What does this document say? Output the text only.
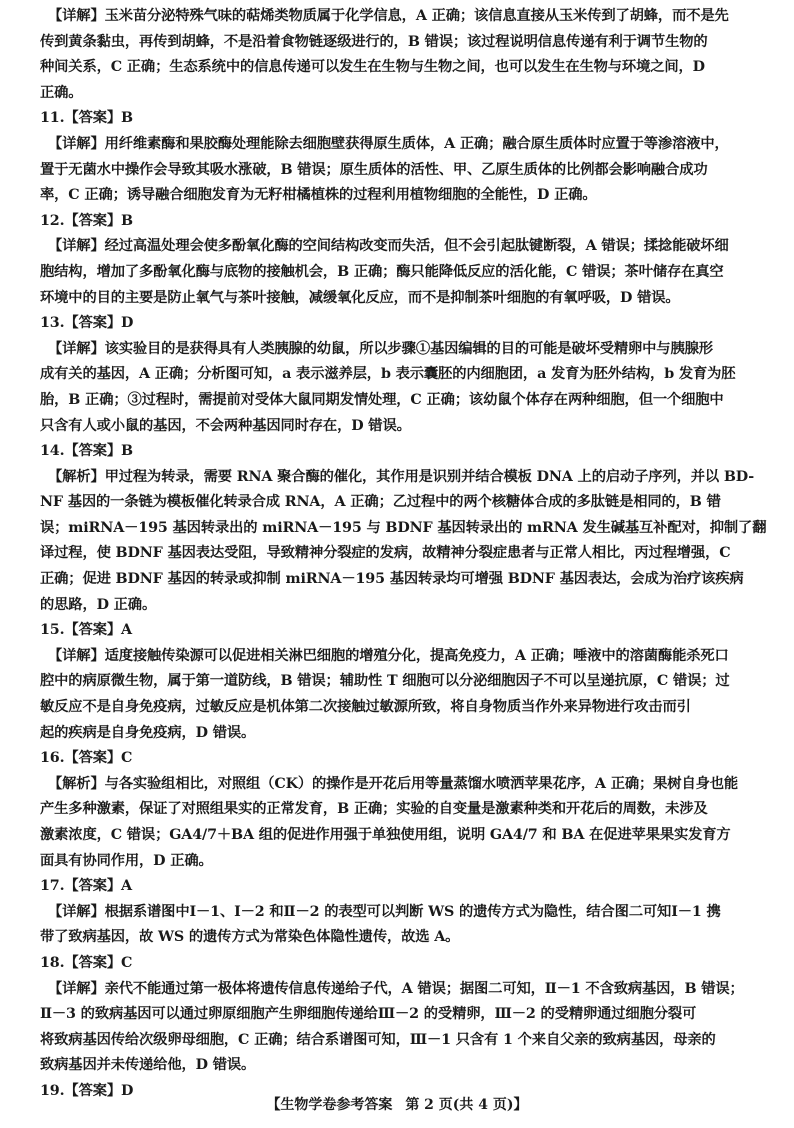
【详解】玉米苗分泌特殊气味的萜烯类物质属于化学信息，A 正确；该信息直接从玉米传到了胡蜂，而不是先
传到黄条黏虫，再传到胡蜂，不是沿着食物链逐级进行的，B 错误；该过程说明信息传递有利于调节生物的
种间关系，C 正确；生态系统中的信息传递可以发生在生物与生物之间，也可以发生在生物与环境之间，D
正确。
11.【答案】B
【详解】用纤维素酶和果胶酶处理能除去细胞壁获得原生质体，A 正确；融合原生质体时应置于等渗溶液中，
置于无菌水中操作会导致其吸水涨破，B 错误；原生质体的活性、甲、乙原生质体的比例都会影响融合成功
率，C 正确；诱导融合细胞发育为无籽柑橘植株的过程利用植物细胞的全能性，D 正确。
12.【答案】B
【详解】经过高温处理会使多酚氧化酶的空间结构改变而失活，但不会引起肽键断裂，A 错误；揉捻能破坏细
胞结构，增加了多酚氧化酶与底物的接触机会，B 正确；酶只能降低反应的活化能，C 错误；茶叶储存在真空
环境中的目的主要是防止氧气与茶叶接触，减缓氧化反应，而不是抑制茶叶细胞的有氧呼吸，D 错误。
13.【答案】D
【详解】该实验目的是获得具有人类胰腺的幼鼠，所以步骤①基因编辑的目的可能是破坏受精卵中与胰腺形
成有关的基因，A 正确；分析图可知，a 表示滋养层，b 表示囊胚的内细胞团，a 发育为胚外结构，b 发育为胚
胎，B 正确；③过程时，需提前对受体大鼠同期发情处理，C 正确；该幼鼠个体存在两种细胞，但一个细胞中
只含有人或小鼠的基因，不会两种基因同时存在，D 错误。
14.【答案】B
【解析】甲过程为转录，需要 RNA 聚合酶的催化，其作用是识别并结合模板 DNA 上的启动子序列，并以 BD-
NF 基因的一条链为模板催化转录合成 RNA，A 正确；乙过程中的两个核糖体合成的多肽链是相同的，B 错
误；miRNA－195 基因转录出的 miRNA－195 与 BDNF 基因转录出的 mRNA 发生碱基互补配对，抑制了翻
译过程，使 BDNF 基因表达受阻，导致精神分裂症的发病，故精神分裂症患者与正常人相比，丙过程增强，C
正确；促进 BDNF 基因的转录或抑制 miRNA－195 基因转录均可增强 BDNF 基因表达，会成为治疗该疾病
的思路，D 正确。
15.【答案】A
【详解】适度接触传染源可以促进相关淋巴细胞的增殖分化，提高免疫力，A 正确；唾液中的溶菌酶能杀死口
腔中的病原微生物，属于第一道防线，B 错误；辅助性 T 细胞可以分泌细胞因子不可以呈递抗原，C 错误；过
敏反应不是自身免疫病，过敏反应是机体第二次接触过敏源所致，将自身物质当作外来异物进行攻击而引
起的疾病是自身免疫病，D 错误。
16.【答案】C
【解析】与各实验组相比，对照组（CK）的操作是开花后用等量蒸馏水喷洒苹果花序，A 正确；果树自身也能
产生多种激素，保证了对照组果实的正常发育，B 正确；实验的自变量是激素种类和开花后的周数，未涉及
激素浓度，C 错误；GA4/7＋BA 组的促进作用强于单独使用组，说明 GA4/7 和 BA 在促进苹果果实发育方
面具有协同作用，D 正确。
17.【答案】A
【详解】根据系谱图中Ⅰ－1、Ⅰ－2 和Ⅱ－2 的表型可以判断 WS 的遗传方式为隐性，结合图二可知Ⅰ－1 携
带了致病基因，故 WS 的遗传方式为常染色体隐性遗传，故选 A。
18.【答案】C
【详解】亲代不能通过第一极体将遗传信息传递给子代，A 错误；据图二可知，Ⅱ－1 不含致病基因，B 错误；
Ⅱ－3 的致病基因可以通过卵原细胞产生卵细胞传递给Ⅲ－2 的受精卵，Ⅲ－2 的受精卵通过细胞分裂可
将致病基因传给次级卵母细胞，C 正确；结合系谱图可知，Ⅲ－1 只含有 1 个来自父亲的致病基因，母亲的
致病基因并未传递给他，D 错误。
19.【答案】D
【生物学卷参考答案 第 2 页(共 4 页)】
